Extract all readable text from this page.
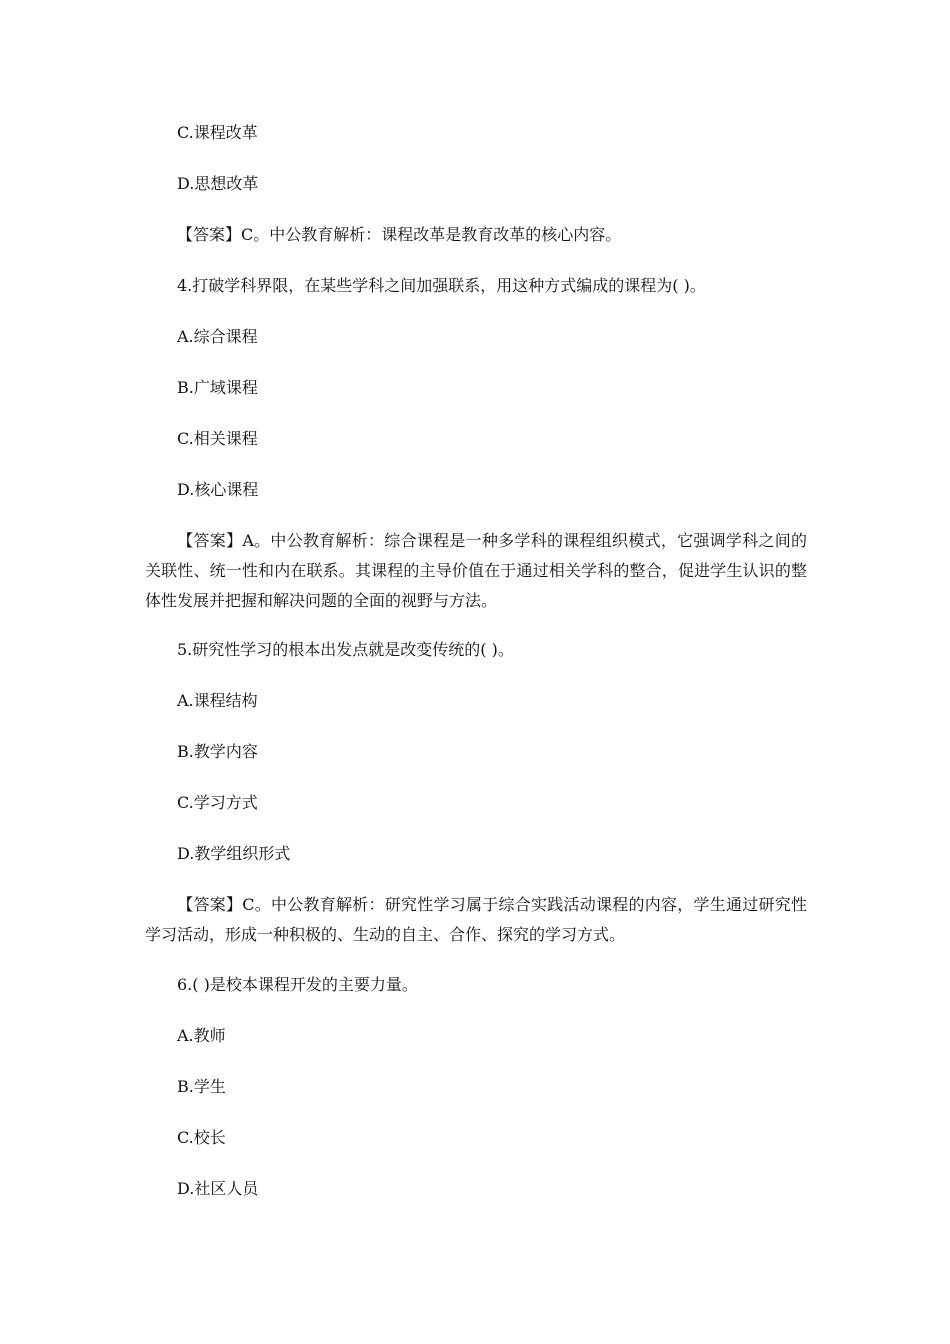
C.课程改革
D.思想改革
【答案】C。中公教育解析：课程改革是教育改革的核心内容。
4.打破学科界限，在某些学科之间加强联系，用这种方式编成的课程为( )。
A.综合课程
B.广域课程
C.相关课程
D.核心课程
【答案】A。中公教育解析：综合课程是一种多学科的课程组织模式，它强调学科之间的关联性、统一性和内在联系。其课程的主导价值在于通过相关学科的整合，促进学生认识的整体性发展并把握和解决问题的全面的视野与方法。
5.研究性学习的根本出发点就是改变传统的( )。
A.课程结构
B.教学内容
C.学习方式
D.教学组织形式
【答案】C。中公教育解析：研究性学习属于综合实践活动课程的内容，学生通过研究性学习活动，形成一种积极的、生动的自主、合作、探究的学习方式。
6.( )是校本课程开发的主要力量。
A.教师
B.学生
C.校长
D.社区人员
